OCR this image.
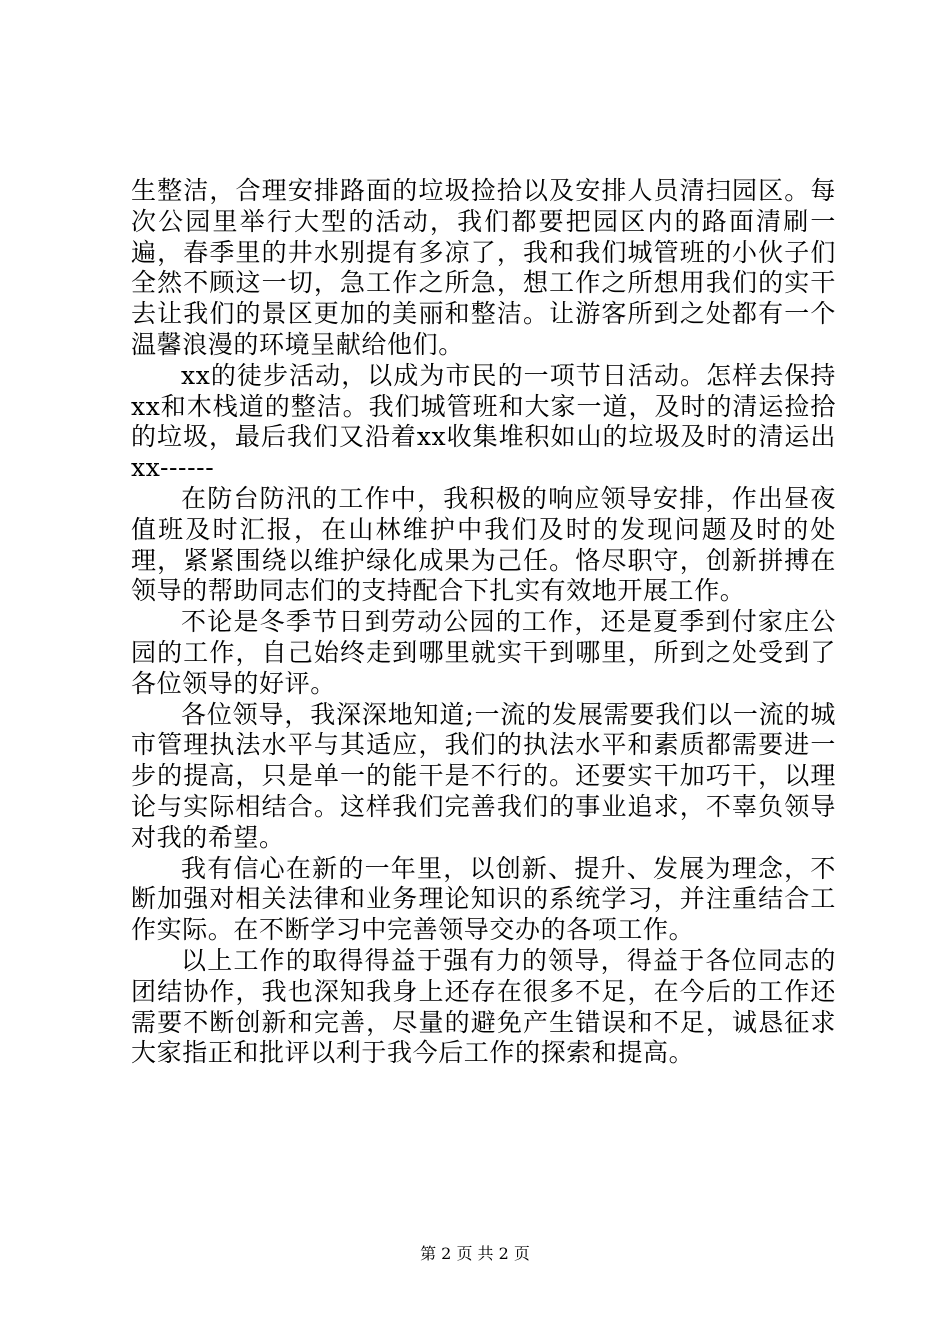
生整洁，合理安排路面的垃圾捡拾以及安排人员清扫园区。每次公园里举行大型的活动，我们都要把园区内的路面清刷一遍，春季里的井水别提有多凉了，我和我们城管班的小伙子们全然不顾这一切，急工作之所急，想工作之所想用我们的实干去让我们的景区更加的美丽和整洁。让游客所到之处都有一个温馨浪漫的环境呈献给他们。

xx的徒步活动，以成为市民的一项节日活动。怎样去保持xx和木栈道的整洁。我们城管班和大家一道，及时的清运捡拾的垃圾，最后我们又沿着xx收集堆积如山的垃圾及时的清运出xx------

在防台防汛的工作中，我积极的响应领导安排，作出昼夜值班及时汇报，在山林维护中我们及时的发现问题及时的处理，紧紧围绕以维护绿化成果为己任。恪尽职守，创新拼搏在领导的帮助同志们的支持配合下扎实有效地开展工作。

不论是冬季节日到劳动公园的工作，还是夏季到付家庄公园的工作，自己始终走到哪里就实干到哪里，所到之处受到了各位领导的好评。

各位领导，我深深地知道;一流的发展需要我们以一流的城市管理执法水平与其适应，我们的执法水平和素质都需要进一步的提高，只是单一的能干是不行的。还要实干加巧干，以理论与实际相结合。这样我们完善我们的事业追求，不辜负领导对我的希望。

我有信心在新的一年里，以创新、提升、发展为理念，不断加强对相关法律和业务理论知识的系统学习，并注重结合工作实际。在不断学习中完善领导交办的各项工作。

以上工作的取得得益于强有力的领导，得益于各位同志的团结协作，我也深知我身上还存在很多不足，在今后的工作还需要不断创新和完善，尽量的避免产生错误和不足，诚恳征求大家指正和批评以利于我今后工作的探索和提高。

第 2 页 共 2 页
